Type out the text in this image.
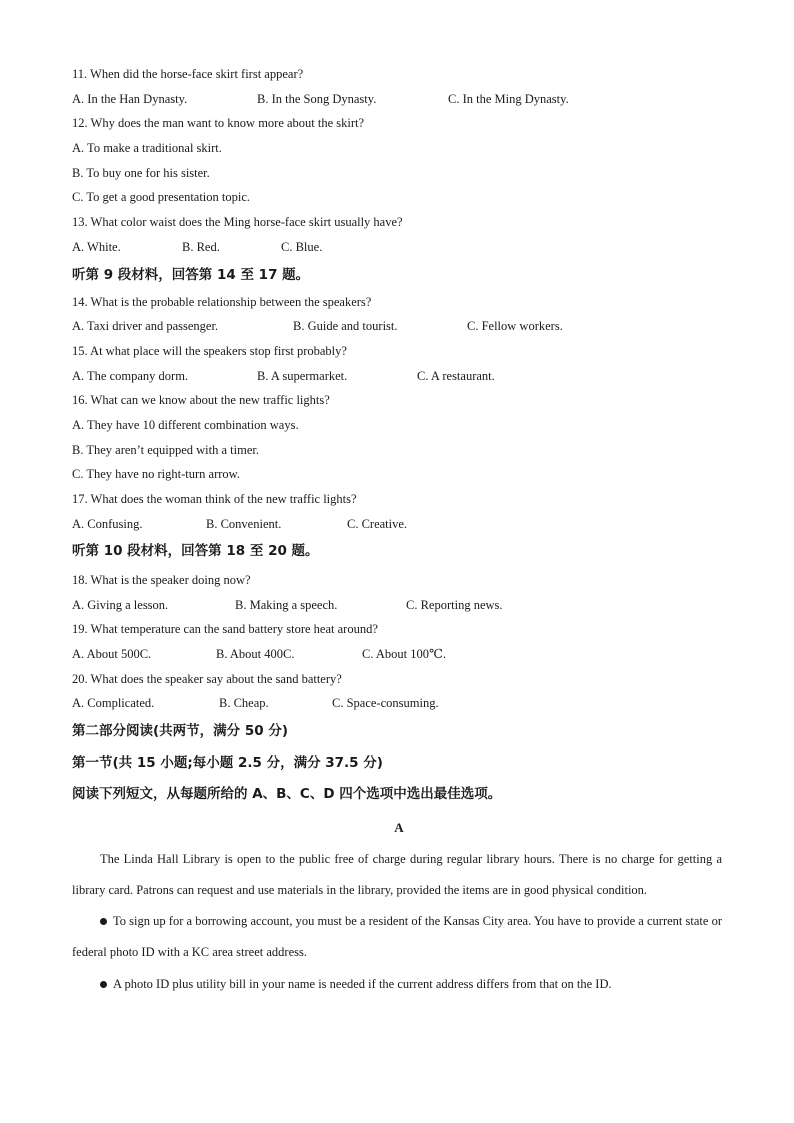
11. When did the horse-face skirt first appear?
A. In the Han Dynasty.	B. In the Song Dynasty.	C. In the Ming Dynasty.
12. Why does the man want to know more about the skirt?
A. To make a traditional skirt.
B. To buy one for his sister.
C. To get a good presentation topic.
13. What color waist does the Ming horse-face skirt usually have?
A. White.	B. Red.	C. Blue.
听第 9 段材料，回答第 14 至 17 题。
14. What is the probable relationship between the speakers?
A. Taxi driver and passenger.	B. Guide and tourist.	C. Fellow workers.
15. At what place will the speakers stop first probably?
A. The company dorm.	B. A supermarket.	C. A restaurant.
16. What can we know about the new traffic lights?
A. They have 10 different combination ways.
B. They aren’t equipped with a timer.
C. They have no right-turn arrow.
17. What does the woman think of the new traffic lights?
A. Confusing.	B. Convenient.	C. Creative.
听第 10 段材料，回答第 18 至 20 题。
18. What is the speaker doing now?
A. Giving a lesson.	B. Making a speech.	C. Reporting news.
19. What temperature can the sand battery store heat around?
A. About 500C.	B. About 400C.	C. About 100℃.
20. What does the speaker say about the sand battery?
A. Complicated.	B. Cheap.	C. Space-consuming.
第二部分阅读(共两节，满分 50 分)
第一节(共 15 小题;每小题 2.5 分，满分 37.5 分)
阅读下列短文，从每题所给的 A、B、C、D 四个选项中选出最佳选项。
A

The Linda Hall Library is open to the public free of charge during regular library hours. There is no charge for getting a library card. Patrons can request and use materials in the library, provided the items are in good physical condition.

To sign up for a borrowing account, you must be a resident of the Kansas City area. You have to provide a current state or federal photo ID with a KC area street address.

A photo ID plus utility bill in your name is needed if the current address differs from that on the ID.
